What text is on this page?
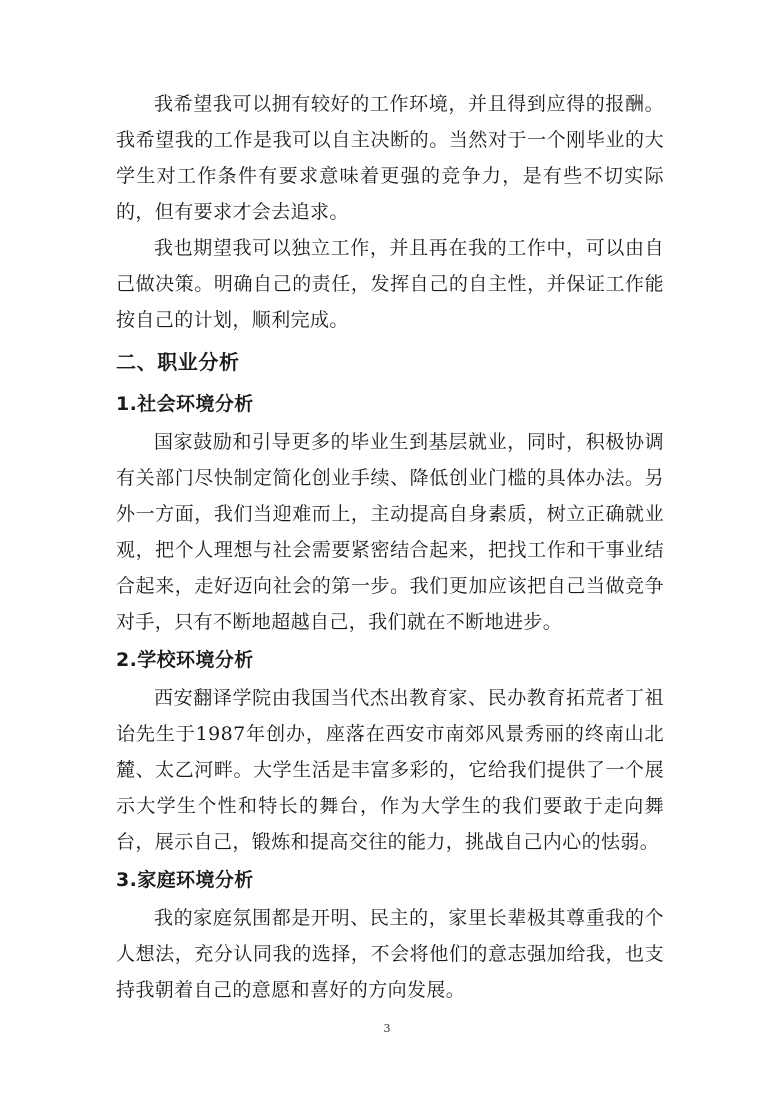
我希望我可以拥有较好的工作环境，并且得到应得的报酬。我希望我的工作是我可以自主决断的。当然对于一个刚毕业的大学生对工作条件有要求意味着更强的竞争力，是有些不切实际的，但有要求才会去追求。

我也期望我可以独立工作，并且再在我的工作中，可以由自己做决策。明确自己的责任，发挥自己的自主性，并保证工作能按自己的计划，顺利完成。

二、职业分析
1.社会环境分析

国家鼓励和引导更多的毕业生到基层就业，同时，积极协调有关部门尽快制定简化创业手续、降低创业门槛的具体办法。另外一方面，我们当迎难而上，主动提高自身素质，树立正确就业观，把个人理想与社会需要紧密结合起来，把找工作和干事业结合起来，走好迈向社会的第一步。我们更加应该把自己当做竞争对手，只有不断地超越自己，我们就在不断地进步。

2.学校环境分析

西安翻译学院由我国当代杰出教育家、民办教育拓荒者丁祖诒先生于1987年创办，座落在西安市南郊风景秀丽的终南山北麓、太乙河畔。大学生活是丰富多彩的，它给我们提供了一个展示大学生个性和特长的舞台，作为大学生的我们要敢于走向舞台，展示自己，锻炼和提高交往的能力，挑战自己内心的怯弱。

3.家庭环境分析

我的家庭氛围都是开明、民主的，家里长辈极其尊重我的个人想法，充分认同我的选择，不会将他们的意志强加给我，也支持我朝着自己的意愿和喜好的方向发展。

3
